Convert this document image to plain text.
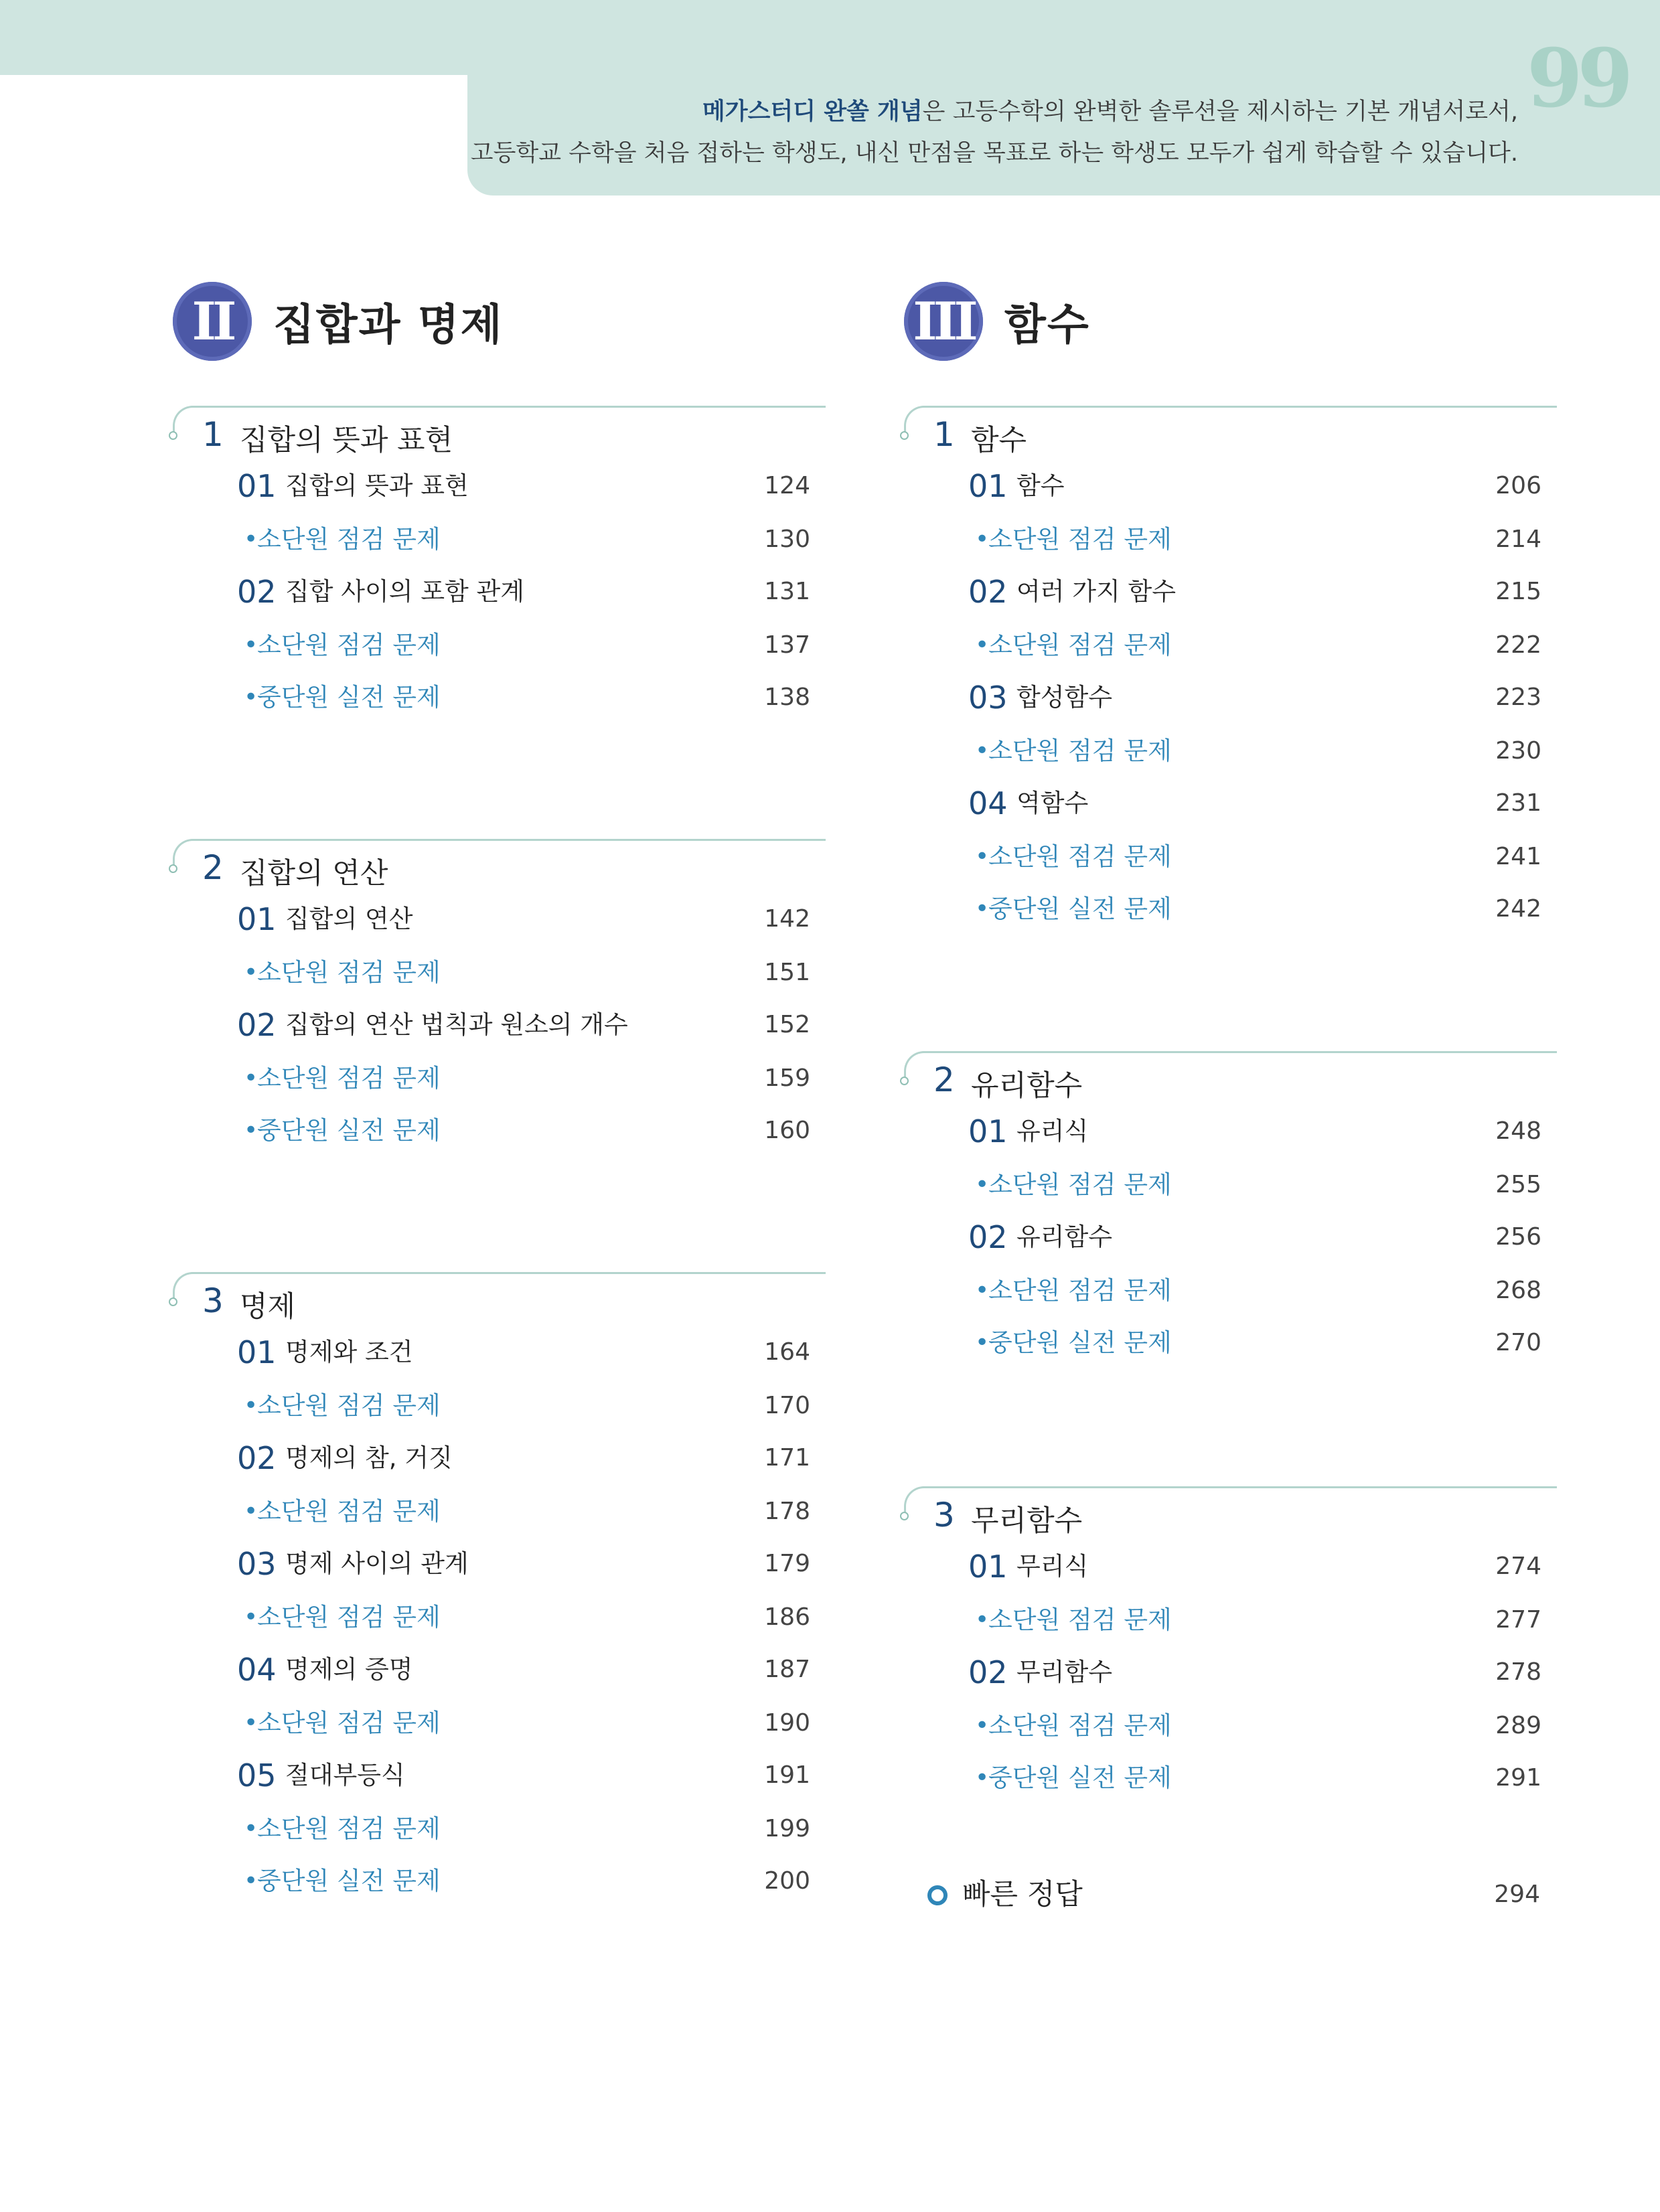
99
메가스터디 완쏠 개념은 고등수학의 완벽한 솔루션을 제시하는 기본 개념서로서,
고등학교 수학을 처음 접하는 학생도, 내신 만점을 목표로 하는 학생도 모두가 쉽게 학습할 수 있습니다.
II 집합과 명제	III 함수
1 집합의 뜻과 표현
01 집합의 뜻과 표현	124
•
소단원 점검 문제	130
02 집합 사이의 포함 관계	131
•
소단원 점검 문제	137
•
중단원 실전 문제	138
2 집합의 연산
01 집합의 연산	142
•
소단원 점검 문제	151
02 집합의 연산 법칙과 원소의 개수	152
•
소단원 점검 문제	159
•
중단원 실전 문제	160
3 명제
01 명제와 조건	164
•
소단원 점검 문제	170
02 명제의 참, 거짓	171
•
소단원 점검 문제	178
03 명제 사이의 관계	179
•
소단원 점검 문제	186
04 명제의 증명	187
•
소단원 점검 문제	190
05 절대부등식	191
•
소단원 점검 문제	199
•
중단원 실전 문제	200
1 함수
01 함수	206
•
소단원 점검 문제	214
02 여러 가지 함수	215
•
소단원 점검 문제	222
03 합성함수	223
•
소단원 점검 문제	230
04 역함수	231
•
소단원 점검 문제	241
•
중단원 실전 문제	242
2 유리함수
01 유리식	248
•
소단원 점검 문제	255
02 유리함수	256
•
소단원 점검 문제	268
•
중단원 실전 문제	270
3 무리함수
01 무리식	274
•
소단원 점검 문제	277
02 무리함수	278
•
소단원 점검 문제	289
•
중단원 실전 문제	291
빠른 정답	294
